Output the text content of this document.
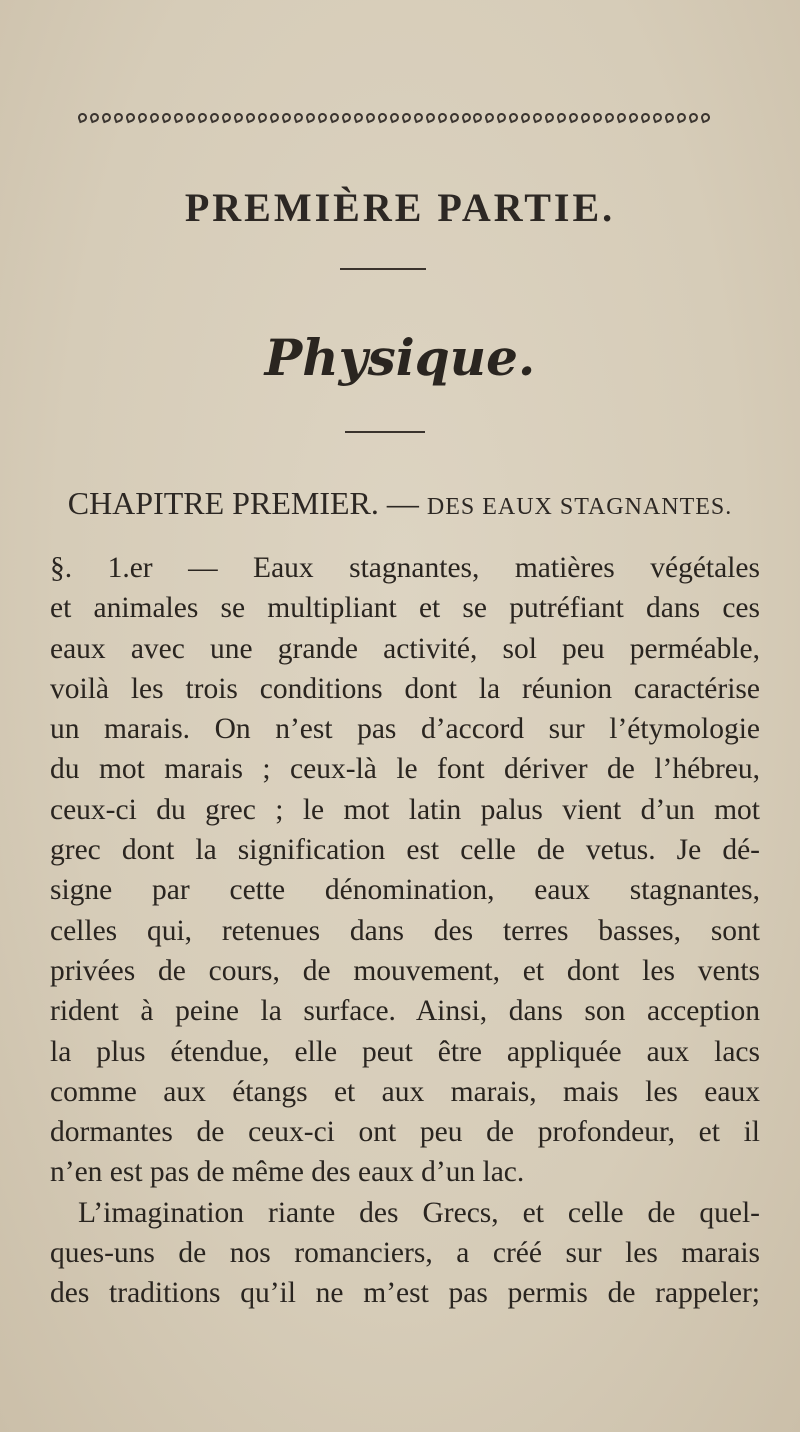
PREMIÈRE PARTIE.
Physique.
CHAPITRE PREMIER. — DES EAUX STAGNANTES.
§. 1.er — Eaux stagnantes, matières végétales
et animales se multipliant et se putréfiant dans ces
eaux avec une grande activité, sol peu perméable,
voilà les trois conditions dont la réunion caractérise
un marais. On n’est pas d’accord sur l’étymologie
du mot marais ; ceux-là le font dériver de l’hébreu,
ceux-ci du grec ; le mot latin palus vient d’un mot
grec dont la signification est celle de vetus. Je dé-
signe par cette dénomination, eaux stagnantes,
celles qui, retenues dans des terres basses, sont
privées de cours, de mouvement, et dont les vents
rident à peine la surface. Ainsi, dans son acception
la plus étendue, elle peut être appliquée aux lacs
comme aux étangs et aux marais, mais les eaux
dormantes de ceux-ci ont peu de profondeur, et il
n’en est pas de même des eaux d’un lac.
L’imagination riante des Grecs, et celle de quel-
ques-uns de nos romanciers, a créé sur les marais
des traditions qu’il ne m’est pas permis de rappeler;
